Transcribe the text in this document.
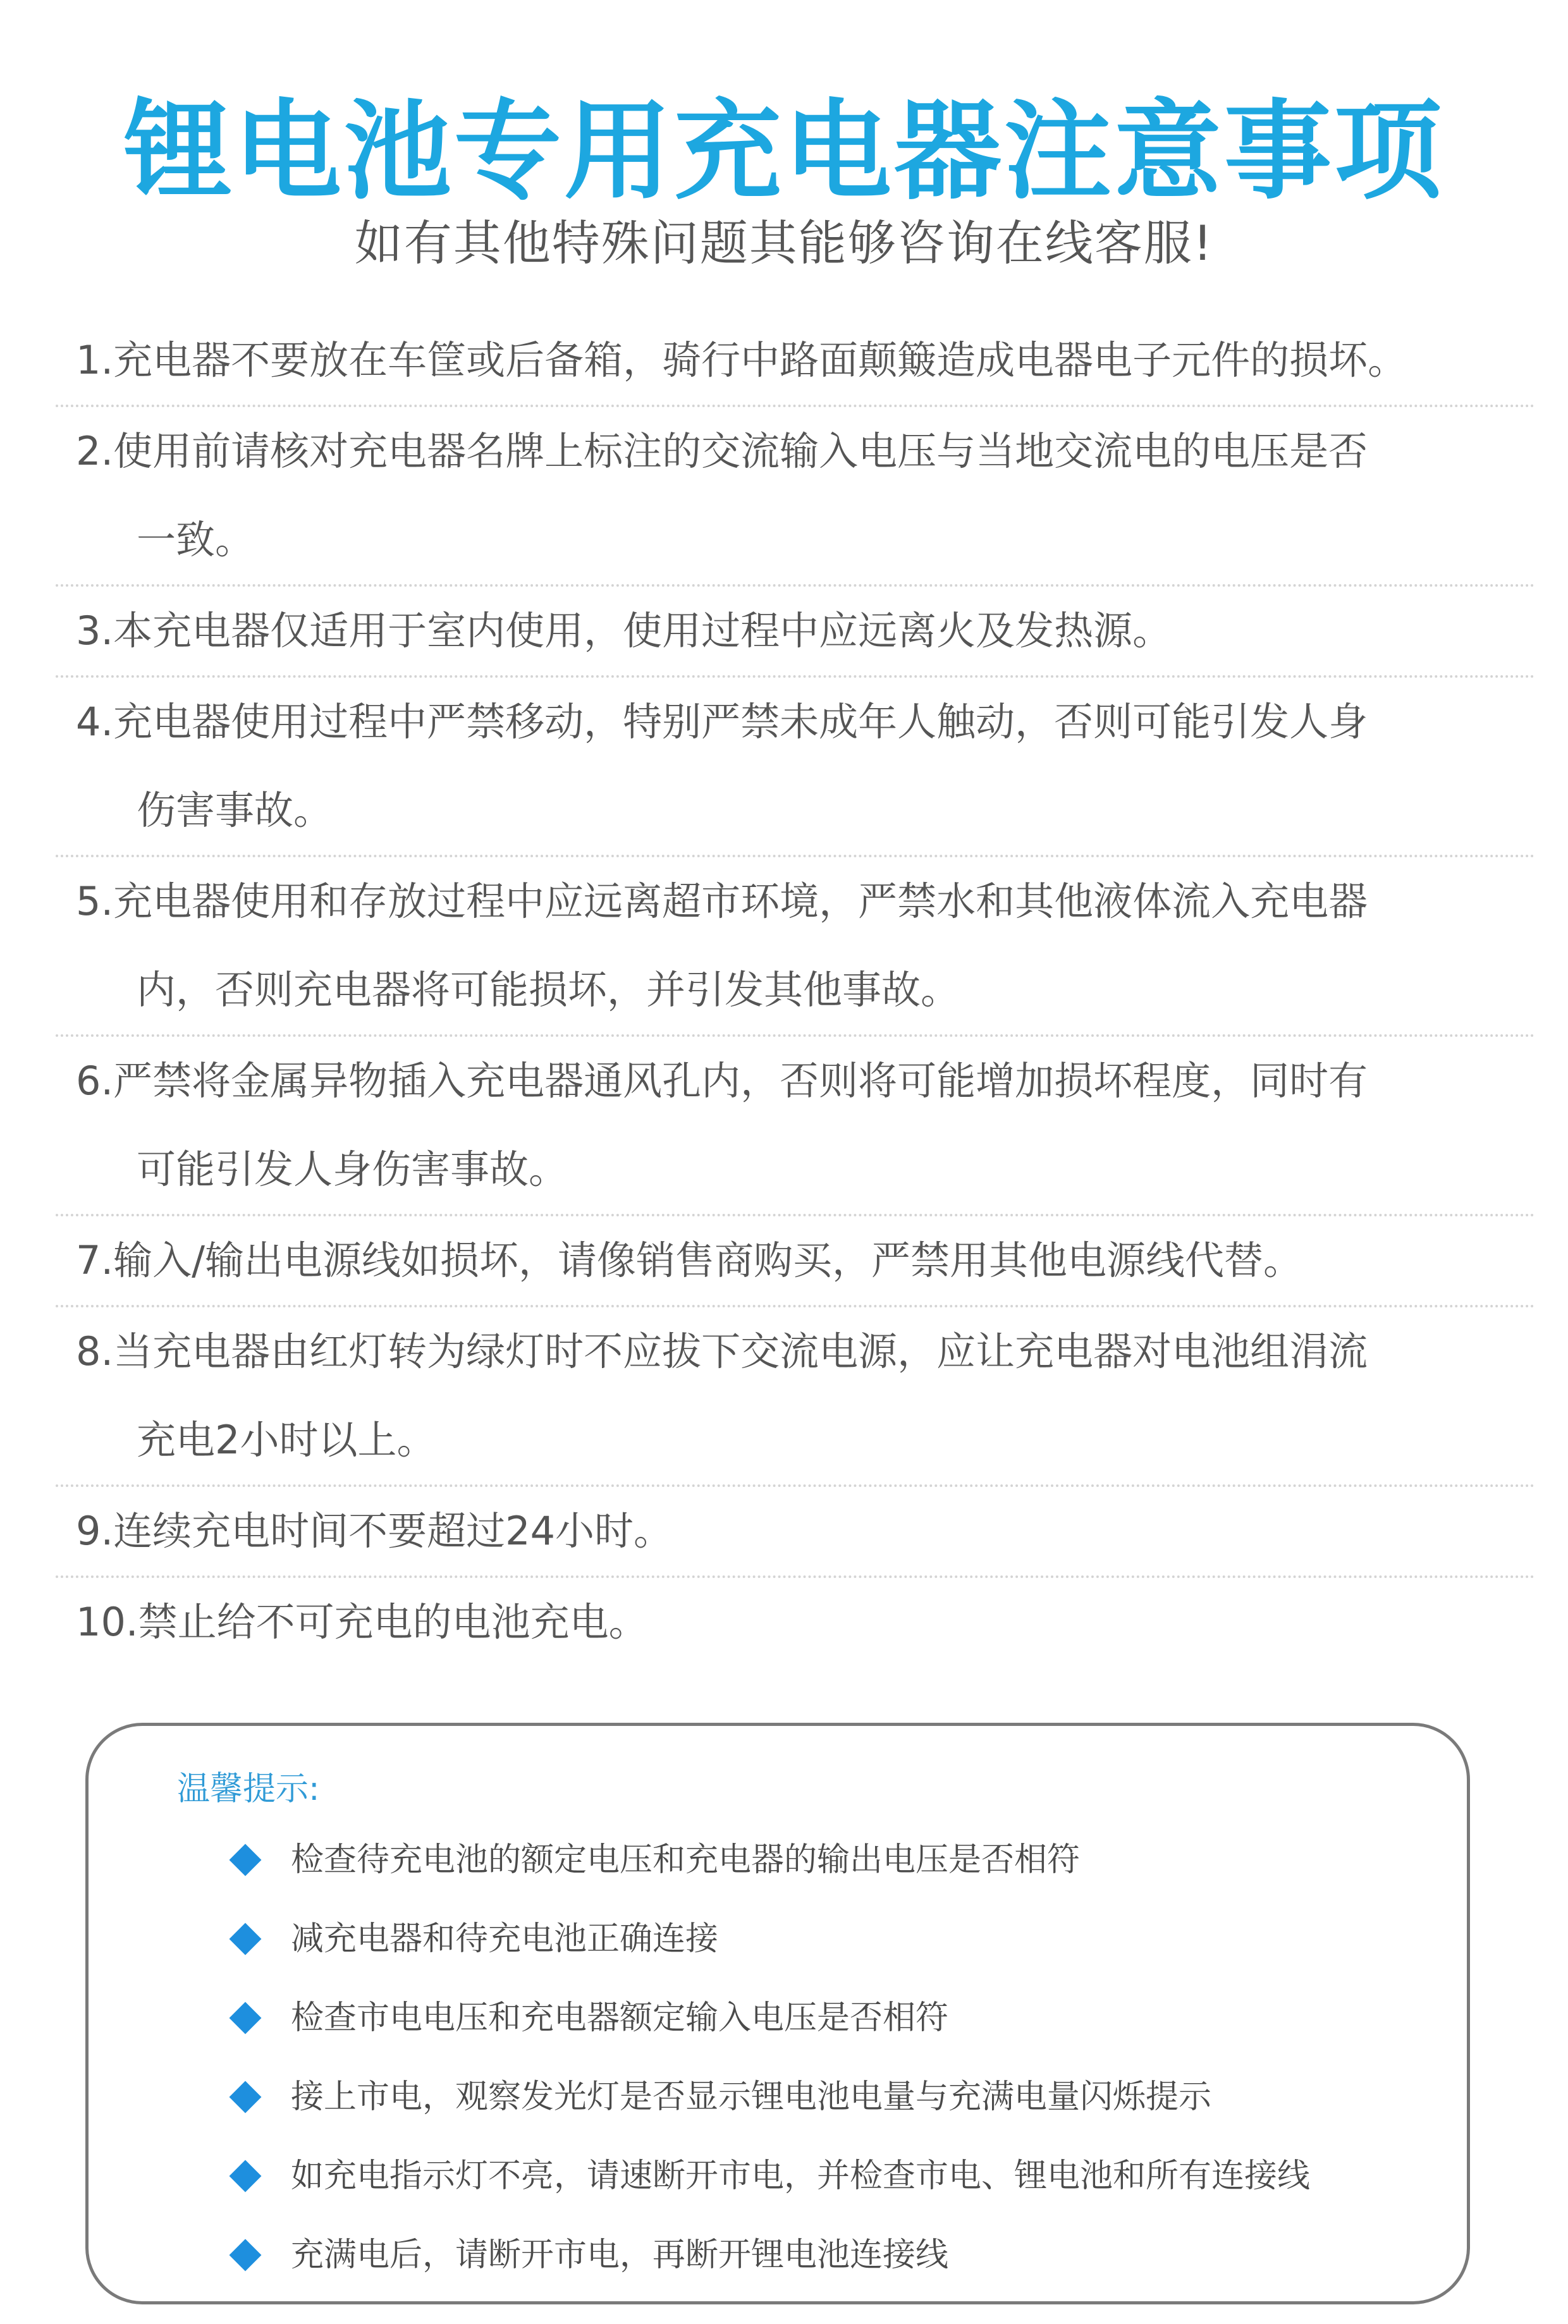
锂电池专用充电器注意事项
如有其他特殊问题其能够咨询在线客服!
1.充电器不要放在车筐或后备箱，骑行中路面颠簸造成电器电子元件的损坏。
2.使用前请核对充电器名牌上标注的交流输入电压与当地交流电的电压是否
一致。
3.本充电器仅适用于室内使用，使用过程中应远离火及发热源。
4.充电器使用过程中严禁移动，特别严禁未成年人触动，否则可能引发人身
伤害事故。
5.充电器使用和存放过程中应远离超市环境，严禁水和其他液体流入充电器
内，否则充电器将可能损坏，并引发其他事故。
6.严禁将金属异物插入充电器通风孔内，否则将可能增加损坏程度，同时有
可能引发人身伤害事故。
7.输入/输出电源线如损坏，请像销售商购买，严禁用其他电源线代替。
8.当充电器由红灯转为绿灯时不应拔下交流电源，应让充电器对电池组涓流
充电2小时以上。
9.连续充电时间不要超过24小时。
10.禁止给不可充电的电池充电。
温馨提示:
检查待充电池的额定电压和充电器的输出电压是否相符
减充电器和待充电池正确连接
检查市电电压和充电器额定输入电压是否相符
接上市电，观察发光灯是否显示锂电池电量与充满电量闪烁提示
如充电指示灯不亮，请速断开市电，并检查市电、锂电池和所有连接线
充满电后，请断开市电，再断开锂电池连接线
